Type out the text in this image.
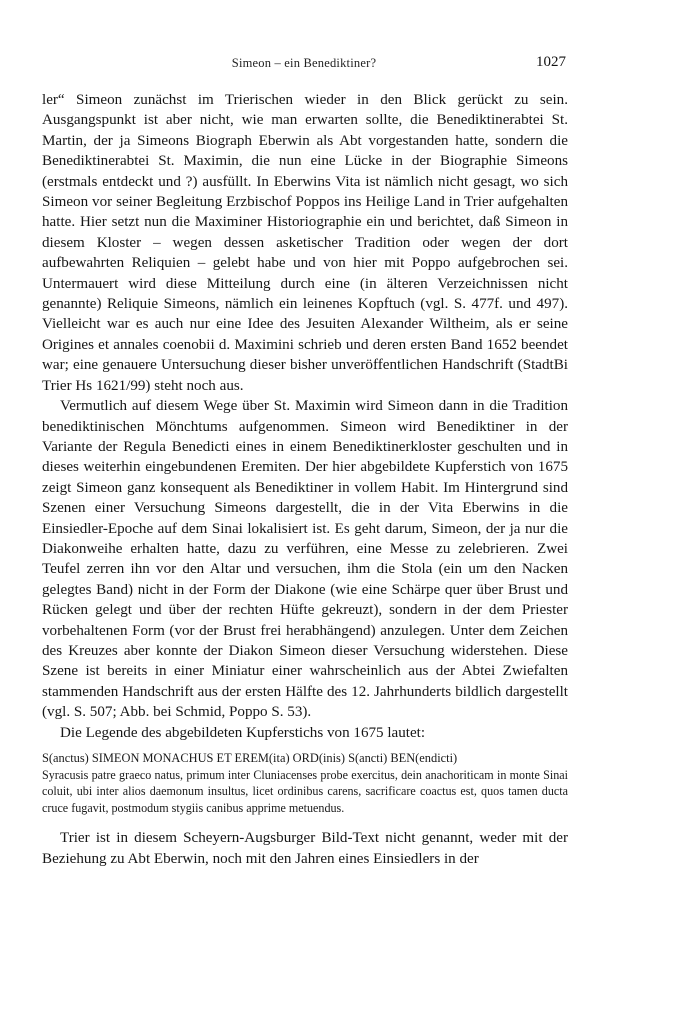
Simeon – ein Benediktiner?	1027

ler“ Simeon zunächst im Trierischen wieder in den Blick gerückt zu sein. Ausgangspunkt ist aber nicht, wie man erwarten sollte, die Benediktinerabtei St. Martin, der ja Simeons Biograph Eberwin als Abt vorgestanden hatte, sondern die Benediktinerabtei St. Maximin, die nun eine Lücke in der Biographie Simeons (erstmals entdeckt und ?) ausfüllt. In Eberwins Vita ist nämlich nicht gesagt, wo sich Simeon vor seiner Begleitung Erzbischof Poppos ins Heilige Land in Trier aufgehalten hatte. Hier setzt nun die Maximiner Historiographie ein und berichtet, daß Simeon in diesem Kloster – wegen dessen asketischer Tradition oder wegen der dort aufbewahrten Reliquien – gelebt habe und von hier mit Poppo aufgebrochen sei. Untermauert wird diese Mitteilung durch eine (in älteren Verzeichnissen nicht genannte) Reliquie Simeons, nämlich ein leinenes Kopftuch (vgl. S. 477f. und 497). Vielleicht war es auch nur eine Idee des Jesuiten Alexander Wiltheim, als er seine Origines et annales coenobii d. Maximini schrieb und deren ersten Band 1652 beendet war; eine genauere Untersuchung dieser bisher unveröffentlichen Handschrift (StadtBi Trier Hs 1621/99) steht noch aus.

Vermutlich auf diesem Wege über St. Maximin wird Simeon dann in die Tradition benediktinischen Mönchtums aufgenommen. Simeon wird Benediktiner in der Variante der Regula Benedicti eines in einem Benediktinerkloster geschulten und in dieses weiterhin eingebundenen Eremiten. Der hier abgebildete Kupferstich von 1675 zeigt Simeon ganz konsequent als Benediktiner in vollem Habit. Im Hintergrund sind Szenen einer Versuchung Simeons dargestellt, die in der Vita Eberwins in die Einsiedler-Epoche auf dem Sinai lokalisiert ist. Es geht darum, Simeon, der ja nur die Diakonweihe erhalten hatte, dazu zu verführen, eine Messe zu zelebrieren. Zwei Teufel zerren ihn vor den Altar und versuchen, ihm die Stola (ein um den Nacken gelegtes Band) nicht in der Form der Diakone (wie eine Schärpe quer über Brust und Rücken gelegt und über der rechten Hüfte gekreuzt), sondern in der dem Priester vorbehaltenen Form (vor der Brust frei herabhängend) anzulegen. Unter dem Zeichen des Kreuzes aber konnte der Diakon Simeon dieser Versuchung widerstehen. Diese Szene ist bereits in einer Miniatur einer wahrscheinlich aus der Abtei Zwiefalten stammenden Handschrift aus der ersten Hälfte des 12. Jahrhunderts bildlich dargestellt (vgl. S. 507; Abb. bei Schmid, Poppo S. 53).

Die Legende des abgebildeten Kupferstichs von 1675 lautet:

S(anctus) SIMEON MONACHUS ET EREM(ita) ORD(inis) S(ancti) BEN(endicti)
Syracusis patre graeco natus, primum inter Cluniacenses probe exercitus, dein anachoriticam in monte Sinai coluit, ubi inter alios daemonum insultus, licet ordinibus carens, sacrificare coactus est, quos tamen ducta cruce fugavit, postmodum stygiis canibus apprime metuendus.

Trier ist in diesem Scheyern-Augsburger Bild-Text nicht genannt, weder mit der Beziehung zu Abt Eberwin, noch mit den Jahren eines Einsiedlers in der
